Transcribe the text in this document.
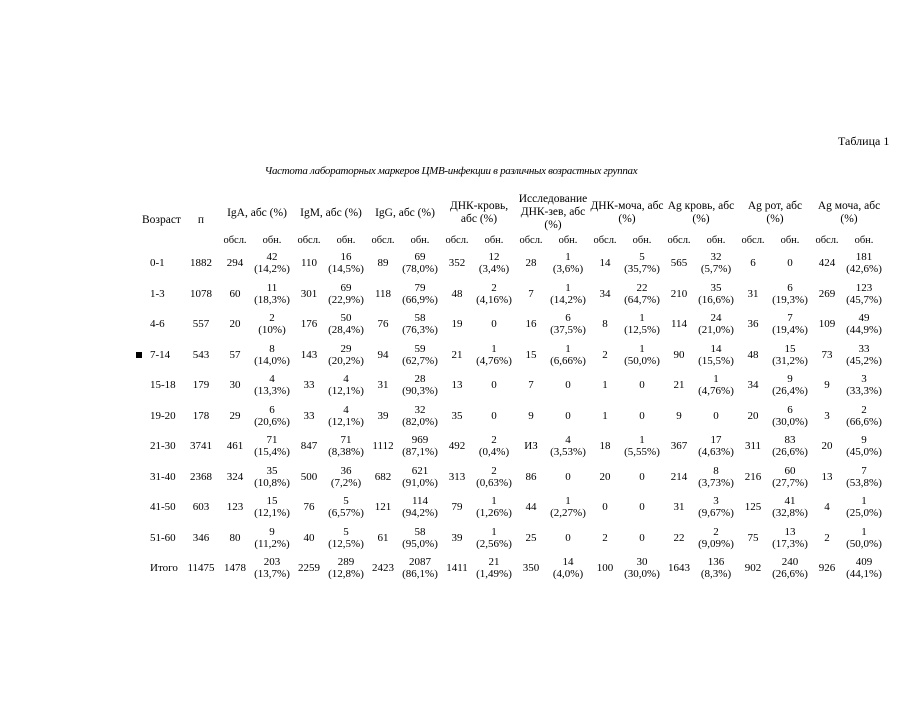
Таблица 1
Частота лабораторных маркеров ЦМВ-инфекции в различных возрастных группах
Возраст	п	IgA, абс (%)		IgM, абс (%)		IgG, абс (%)		ДНК-кровь, абс (%)		Исследование ДНК-зев, абс (%)		ДНК-моча, абс (%)		Ag кровь, абс (%)		Ag рот, абс (%)		Ag моча, абс (%)	
		обсл.	обн.	обсл.	обн.	обсл.	обн.	обсл.	обн.	обсл.	обн.	обсл.	обн.	обсл.	обн.	обсл.	обн.	обсл.	обн.
0-1	1882	294	42
(14,2%)	110	16
(14,5%)	89	69
(78,0%)	352	12
(3,4%)	28	1
(3,6%)	14	5
(35,7%)	565	32
(5,7%)	6	0	424	181
(42,6%)

1-3	1078	60	11
(18,3%)	301	69
(22,9%)	118	79
(66,9%)	48	2
(4,16%)	7	1
(14,2%)	34	22
(64,7%)	210	35
(16,6%)	31	6
(19,3%)	269	123
(45,7%)

4-6	557	20	2
(10%)	176	50
(28,4%)	76	58
(76,3%)	19	0	16	6
(37,5%)	8	1
(12,5%)	114	24
(21,0%)	36	7
(19,4%)	109	49
(44,9%)

7-14	543	57	8
(14,0%)	143	29
(20,2%)	94	59
(62,7%)	21	1
(4,76%)	15	1
(6,66%)	2	1
(50,0%)	90	14
(15,5%)	48	15
(31,2%)	73	33
(45,2%)

15-18	179	30	4
(13,3%)	33	4
(12,1%)	31	28
(90,3%)	13	0	7	0	1	0	21	1
(4,76%)	34	9
(26,4%)	9	3
(33,3%)

19-20	178	29	6
(20,6%)	33	4
(12,1%)	39	32
(82,0%)	35	0	9	0	1	0	9	0	20	6
(30,0%)	3	2
(66,6%)

21-30	3741	461	71
(15,4%)	847	71
(8,38%)	1112	969
(87,1%)	492	2
(0,4%)	ИЗ	4
(3,53%)	18	1
(5,55%)	367	17
(4,63%)	311	83
(26,6%)	20	9
(45,0%)

31-40	2368	324	35
(10,8%)	500	36
(7,2%)	682	621
(91,0%)	313	2
(0,63%)	86	0	20	0	214	8
(3,73%)	216	60
(27,7%)	13	7
(53,8%)

41-50	603	123	15
(12,1%)	76	5
(6,57%)	121	114
(94,2%)	79	1
(1,26%)	44	1
(2,27%)	0	0	31	3
(9,67%)	125	41
(32,8%)	4	1
(25,0%)

51-60	346	80	9
(11,2%)	40	5
(12,5%)	61	58
(95,0%)	39	1
(2,56%)	25	0	2	0	22	2
(9,09%)	75	13
(17,3%)	2	1
(50,0%)

Итого	11475	1478	203
(13,7%)	2259	289
(12,8%)	2423	2087
(86,1%)	1411	21
(1,49%)	350	14
(4,0%)	100	30
(30,0%)	1643	136
(8,3%)	902	240
(26,6%)	926	409
(44,1%)
